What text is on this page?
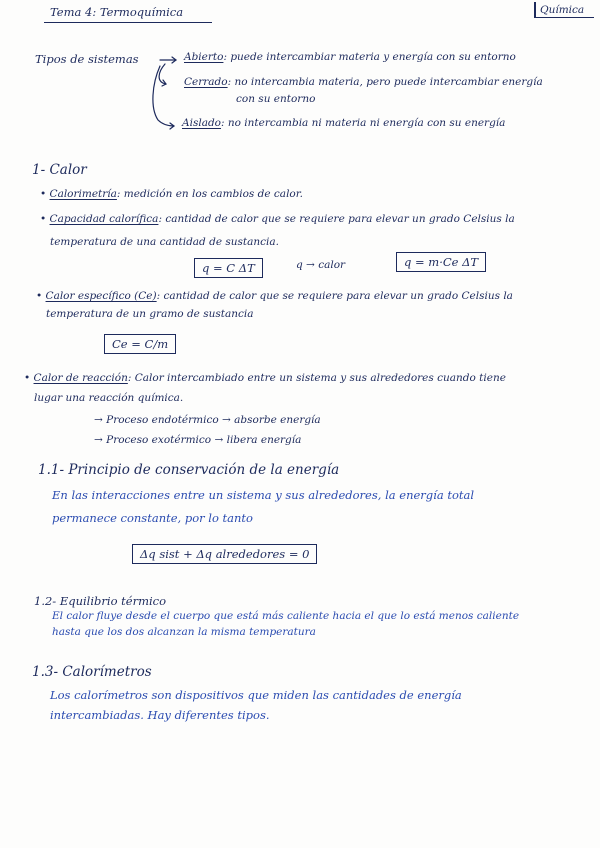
Tema 4: Termoquímica	Química
Tipos de sistemas	Abierto: puede intercambiar materia y energía con su entorno
Cerrado: no intercambia materia, pero puede intercambiar energía
con su entorno
Aislado: no intercambia ni materia ni energía con su energía
1- Calor
• Calorimetría: medición en los cambios de calor.
• Capacidad calorífica: cantidad de calor que se requiere para elevar un grado Celsius la
temperatura de una cantidad de sustancia.
q = C ΔT	q → calor	q = m·Ce ΔT
• Calor específico (Ce): cantidad de calor que se requiere para elevar un grado Celsius la
temperatura de un gramo de sustancia
Ce = C/m
• Calor de reacción: Calor intercambiado entre un sistema y sus alrededores cuando tiene
lugar una reacción química.
→ Proceso endotérmico → absorbe energía
→ Proceso exotérmico → libera energía
1.1- Principio de conservación de la energía
En las interacciones entre un sistema y sus alrededores, la energía total
permanece constante, por lo tanto
Δq sist + Δq alrededores = 0
1.2- Equilibrio térmico
El calor fluye desde el cuerpo que está más caliente hacia el que lo está menos caliente
hasta que los dos alcanzan la misma temperatura
1.3- Calorímetros
Los calorímetros son dispositivos que miden las cantidades de energía
intercambiadas. Hay diferentes tipos.
